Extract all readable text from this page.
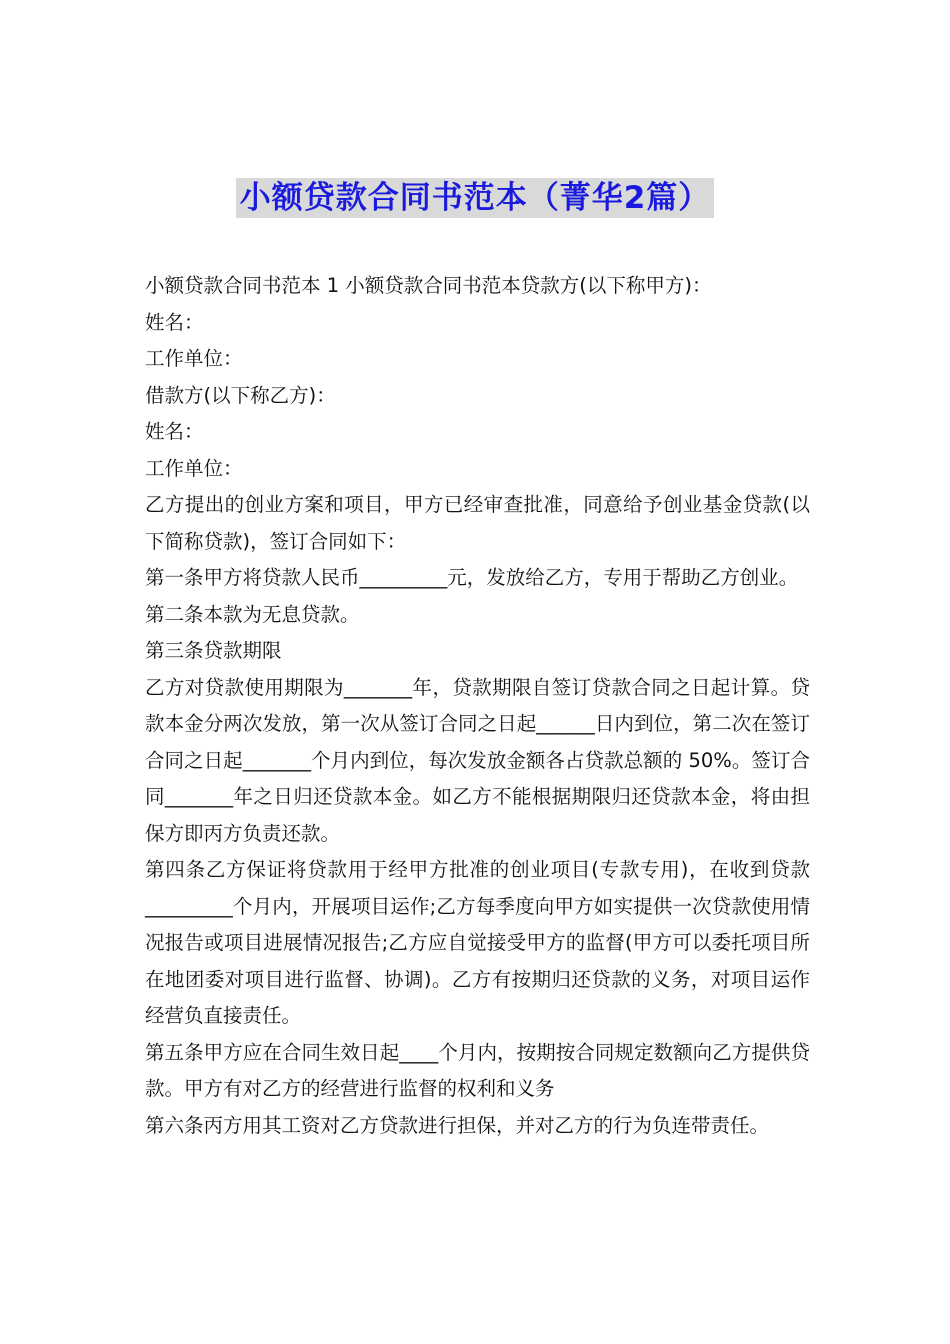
小额贷款合同书范本（菁华2篇）

小额贷款合同书范本 1 小额贷款合同书范本贷款方(以下称甲方)：

姓名：

工作单位：

借款方(以下称乙方)：

姓名：

工作单位：

乙方提出的创业方案和项目，甲方已经审查批准，同意给予创业基金贷款(以下简称贷款)，签订合同如下：

第一条甲方将贷款人民币_________元，发放给乙方，专用于帮助乙方创业。

第二条本款为无息贷款。

第三条贷款期限

乙方对贷款使用期限为_______年，贷款期限自签订贷款合同之日起计算。贷款本金分两次发放，第一次从签订合同之日起______日内到位，第二次在签订合同之日起_______个月内到位，每次发放金额各占贷款总额的 50%。签订合同_______年之日归还贷款本金。如乙方不能根据期限归还贷款本金，将由担保方即丙方负责还款。

第四条乙方保证将贷款用于经甲方批准的创业项目(专款专用)，在收到贷款_________个月内，开展项目运作;乙方每季度向甲方如实提供一次贷款使用情况报告或项目进展情况报告;乙方应自觉接受甲方的监督(甲方可以委托项目所在地团委对项目进行监督、协调)。乙方有按期归还贷款的义务，对项目运作经营负直接责任。

第五条甲方应在合同生效日起____个月内，按期按合同规定数额向乙方提供贷款。甲方有对乙方的经营进行监督的权利和义务

第六条丙方用其工资对乙方贷款进行担保，并对乙方的行为负连带责任。
